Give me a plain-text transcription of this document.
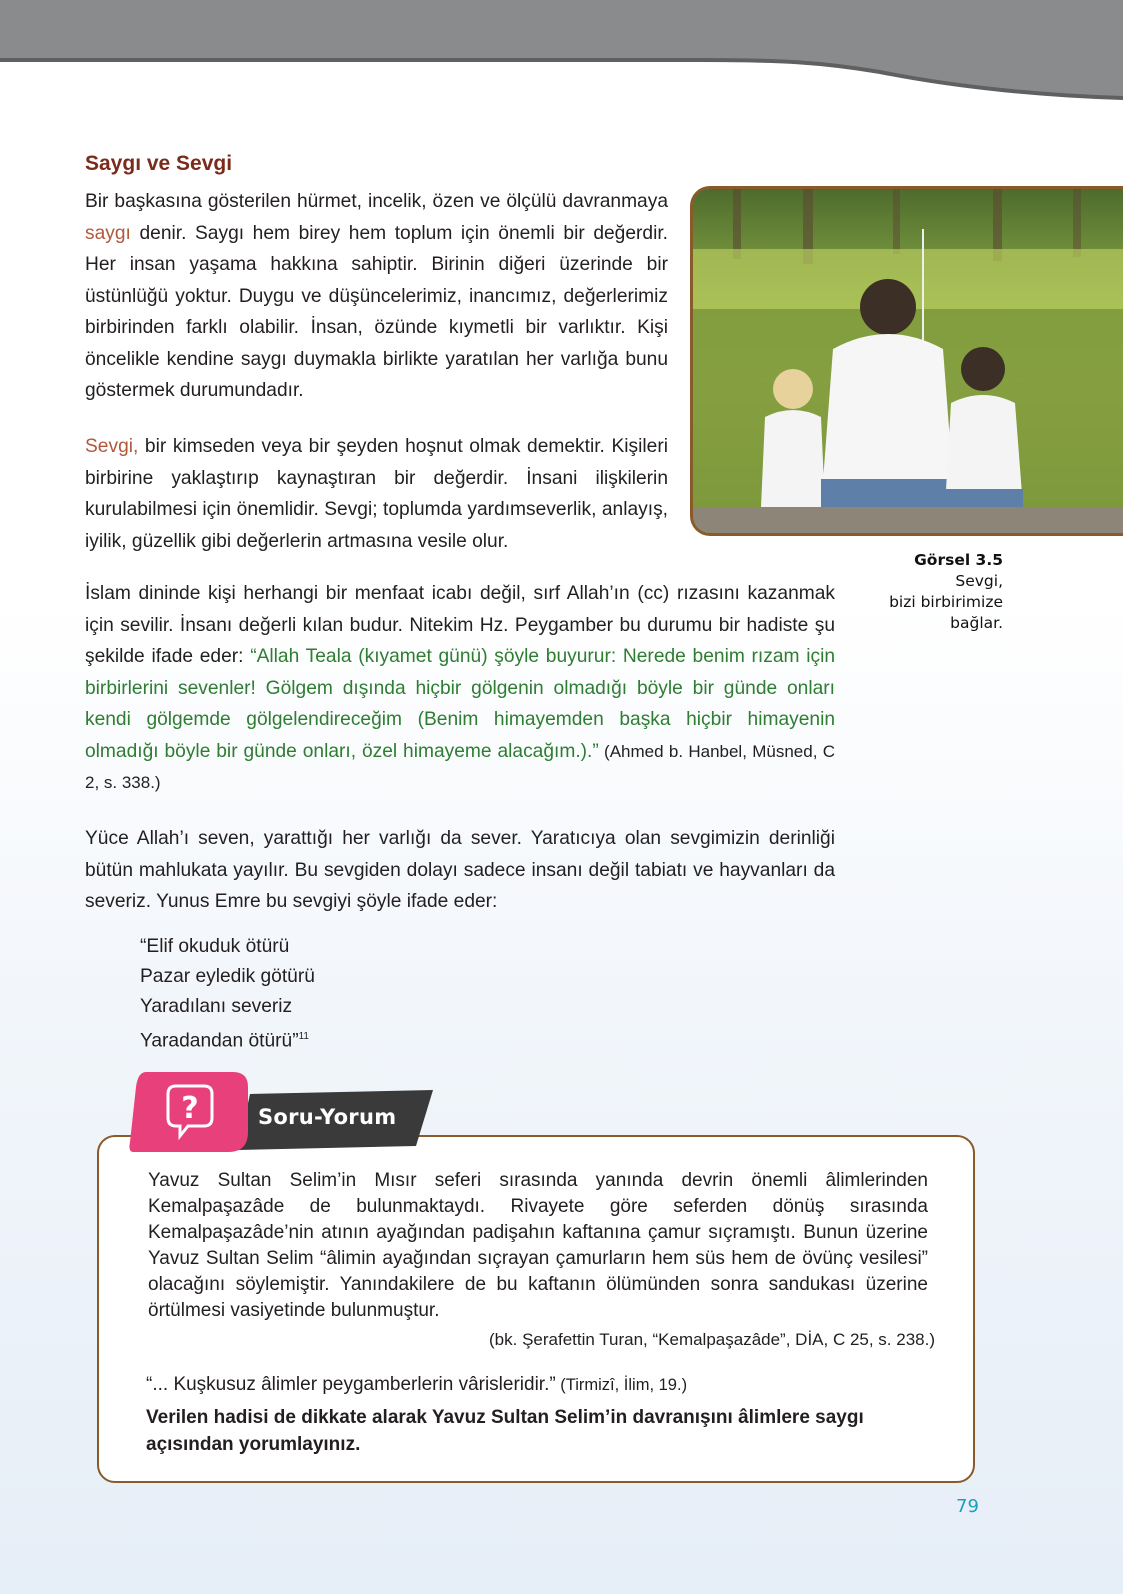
Saygı ve Sevgi

Bir başkasına gösterilen hürmet, incelik, özen ve ölçülü davranmaya saygı denir. Saygı hem birey hem toplum için önemli bir değerdir. Her insan yaşama hakkına sahiptir. Birinin diğeri üzerinde bir üstünlüğü yoktur. Duygu ve düşüncelerimiz, inancımız, değerlerimiz birbirinden farklı olabilir. İnsan, özünde kıymetli bir varlıktır. Kişi öncelikle kendine saygı duymakla birlikte yaratılan her varlığa bunu göstermek durumundadır.

Sevgi, bir kimseden veya bir şeyden hoşnut olmak demektir. Kişileri birbirine yaklaştırıp kaynaştıran bir değerdir. İnsani ilişkilerin kurulabilmesi için önemlidir. Sevgi; toplumda yardımseverlik, anlayış, iyilik, güzellik gibi değerlerin artmasına vesile olur.

Görsel 3.5
Sevgi,
bizi birbirimize
bağlar.

İslam dininde kişi herhangi bir menfaat icabı değil, sırf Allah’ın (cc) rızasını kazanmak için sevilir. İnsanı değerli kılan budur. Nitekim Hz. Peygamber bu durumu bir hadiste şu şekilde ifade eder: “Allah Teala (kıyamet günü) şöyle buyurur: Nerede benim rızam için birbirlerini sevenler! Gölgem dışında hiçbir gölgenin olmadığı böyle bir günde onları kendi gölgemde gölgelendireceğim (Benim himayemden başka hiçbir himayenin olmadığı böyle bir günde onları, özel himayeme alacağım.).” (Ahmed b. Hanbel, Müsned, C 2, s. 338.)

Yüce Allah’ı seven, yarattığı her varlığı da sever. Yaratıcıya olan sevgimizin derinliği bütün mahlukata yayılır. Bu sevgiden dolayı sadece insanı değil tabiatı ve hayvanları da severiz. Yunus Emre bu sevgiyi şöyle ifade eder:

“Elif okuduk ötürü
Pazar eyledik götürü
Yaradılanı severiz
Yaradandan ötürü”$^{11}$
?	Soru-Yorum

Yavuz Sultan Selim’in Mısır seferi sırasında yanında devrin önemli âlimlerinden Kemalpaşazâde de bulunmaktaydı. Rivayete göre seferden dönüş sırasında Kemalpaşazâde’nin atının ayağından padişahın kaftanına çamur sıçramıştı. Bunun üzerine Yavuz Sultan Selim “âlimin ayağından sıçrayan çamurların hem süs hem de övünç vesilesi” olacağını söylemiştir. Yanındakilere de bu kaftanın ölümünden sonra sandukası üzerine örtülmesi vasiyetinde bulunmuştur.

(bk. Şerafettin Turan, “Kemalpaşazâde”, DİA, C 25, s. 238.)
“... Kuşkusuz âlimler peygamberlerin vârisleridir.” (Tirmizî, İlim, 19.)

Verilen hadisi de dikkate alarak Yavuz Sultan Selim’in davranışını âlimlere saygı açısından yorumlayınız.

79
